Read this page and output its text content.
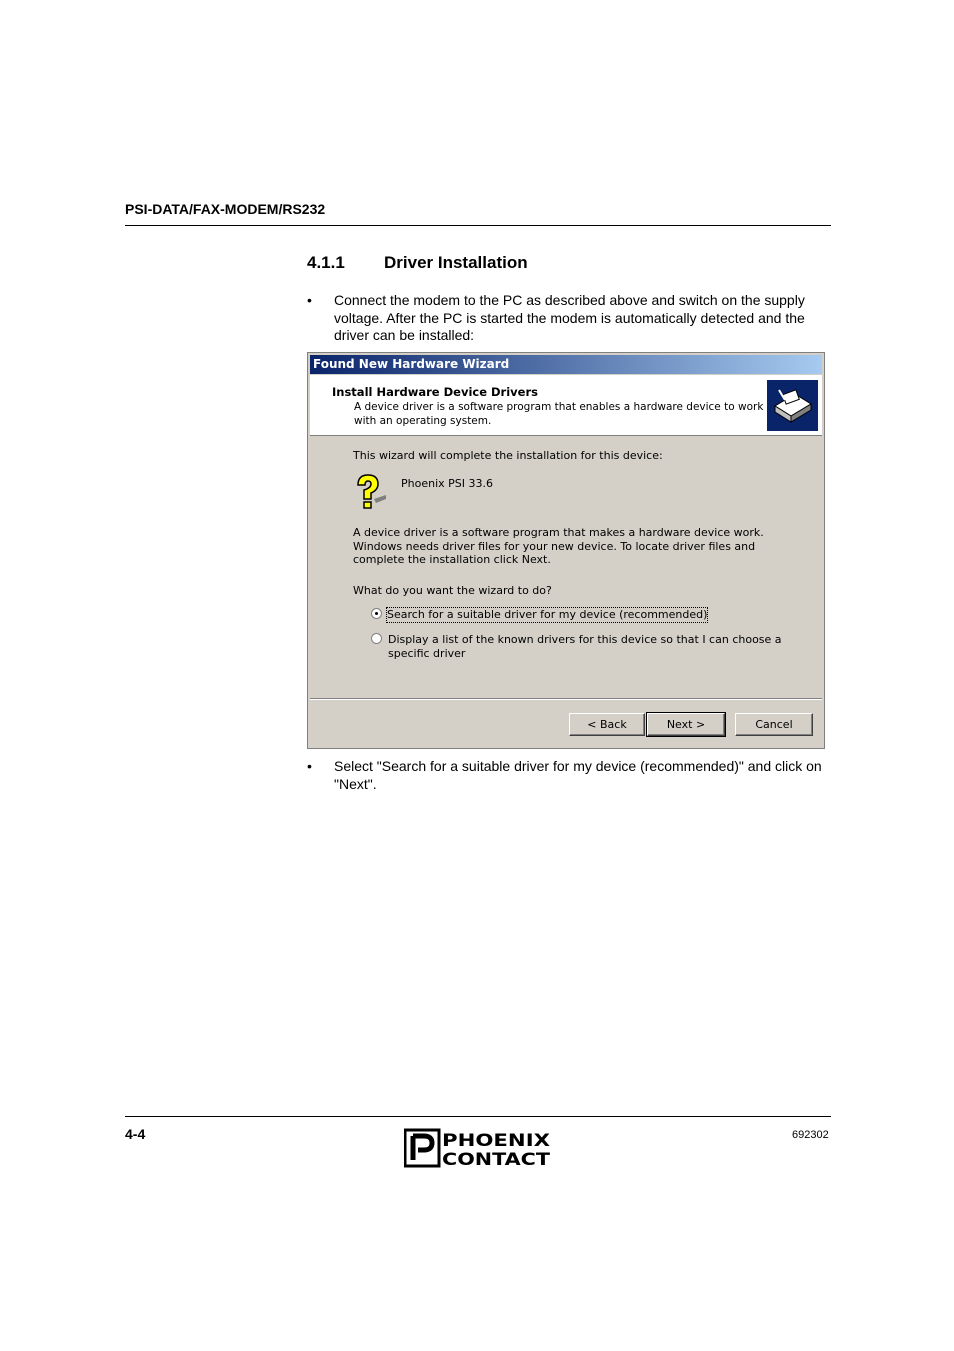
PSI-DATA/FAX-MODEM/RS232
4.1.1 Driver Installation
• Connect the modem to the PC as described above and switch on the supply voltage. After the PC is started the modem is automatically detected and the driver can be installed:
Found New Hardware Wizard
Install Hardware Device Drivers
A device driver is a software program that enables a hardware device to work with an operating system.
This wizard will complete the installation for this device:
Phoenix PSI 33.6
A device driver is a software program that makes a hardware device work. Windows needs driver files for your new device. To locate driver files and complete the installation click Next.
What do you want the wizard to do?
Search for a suitable driver for my device (recommended)
Display a list of the known drivers for this device so that I can choose a specific driver
< Back	Next >	Cancel
• Select "Search for a suitable driver for my device (recommended)" and click on "Next".
4-4	PHOENIX
CONTACT
692302
